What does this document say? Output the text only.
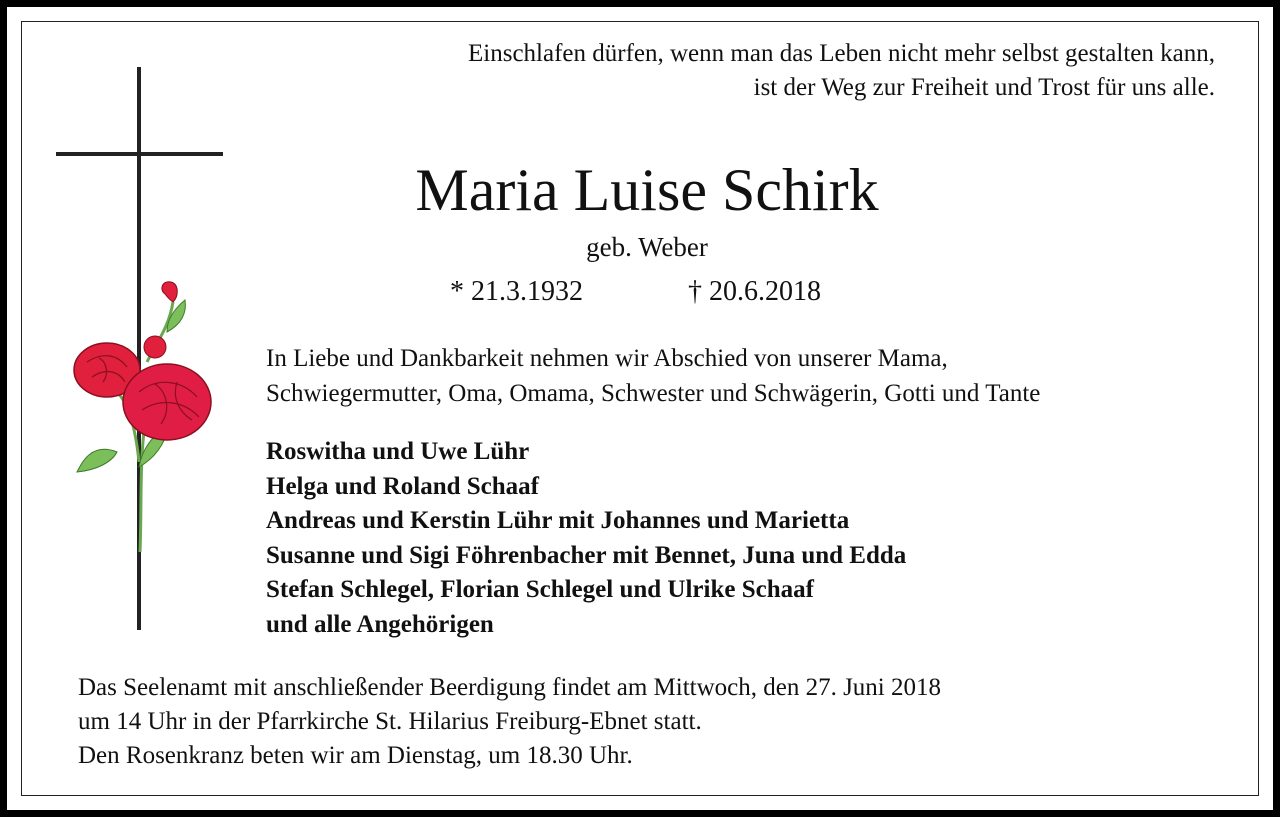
Einschlafen dürfen, wenn man das Leben nicht mehr selbst gestalten kann,
ist der Weg zur Freiheit und Trost für uns alle.
Maria Luise Schirk
geb. Weber
* 21.3.1932	† 20.6.2018
In Liebe und Dankbarkeit nehmen wir Abschied von unserer Mama,
Schwiegermutter, Oma, Omama, Schwester und Schwägerin, Gotti und Tante
Roswitha und Uwe Lühr
Helga und Roland Schaaf
Andreas und Kerstin Lühr mit Johannes und Marietta
Susanne und Sigi Föhrenbacher mit Bennet, Juna und Edda
Stefan Schlegel, Florian Schlegel und Ulrike Schaaf
und alle Angehörigen
Das Seelenamt mit anschließender Beerdigung findet am Mittwoch, den 27. Juni 2018
um 14 Uhr in der Pfarrkirche St. Hilarius Freiburg-Ebnet statt.
Den Rosenkranz beten wir am Dienstag, um 18.30 Uhr.
